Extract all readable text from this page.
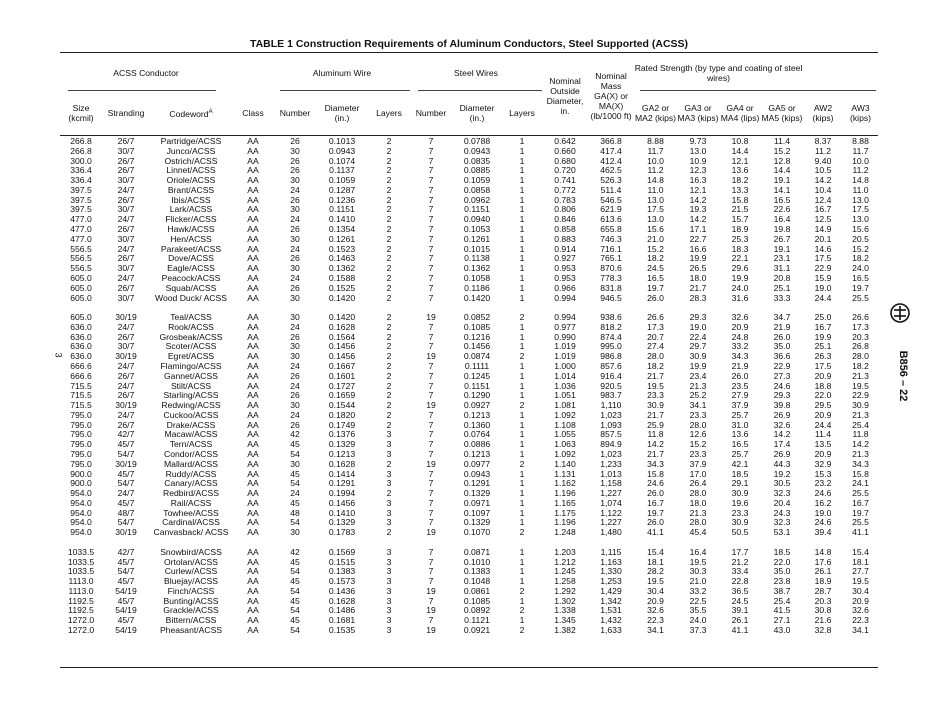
TABLE 1 Construction Requirements of Aluminum Conductors, Steel Supported (ACSS)
ACSS Conductor				Aluminum Wire			Steel Wires			Nominal Outside Diameter, in.	Nominal Mass GA(X) or MA(X) (lb/1000 ft)	Rated Strength (by type and coating of steel wires)					
Size (kcmil)	Stranding	Codeword$^A$	Class	Number	Diameter (in.)	Layers	Number	Diameter (in.)	Layers			GA2 or MA2 (kips)	GA3 or MA3 (kips)	GA4 or MA4 (lips)	GA5 or MA5 (kips)	AW2 (kips)	AW3 (kips)
266.8	26/7	Partridge/ACSS	AA	26	0.1013	2	7	0.0788	1	0.642	366.8	8.88	9.73	10.8	11.4	8.37	8.88
266.8	30/7	Junco/ACSS	AA	30	0.0943	2	7	0.0943	1	0.660	417.4	11.7	13.0	14.4	15.2	11.2	11.7
300.0	26/7	Ostrich/ACSS	AA	26	0.1074	2	7	0.0835	1	0.680	412.4	10.0	10.9	12.1	12.8	9.40	10.0
336.4	26/7	Linnet/ACSS	AA	26	0.1137	2	7	0.0885	1	0.720	462.5	11.2	12.3	13.6	14.4	10.5	11.2
336.4	30/7	Oriole/ACSS	AA	30	0.1059	2	7	0.1059	1	0.741	526.3	14.8	16.3	18.2	19.1	14.2	14.8
397.5	24/7	Brant/ACSS	AA	24	0.1287	2	7	0.0858	1	0.772	511.4	11.0	12.1	13.3	14.1	10.4	11.0
397.5	26/7	Ibis/ACSS	AA	26	0.1236	2	7	0.0962	1	0.783	546.5	13.0	14.2	15.8	16.5	12.4	13.0
397.5	30/7	Lark/ACSS	AA	30	0.1151	2	7	0.1151	1	0.806	621.9	17.5	19.3	21.5	22.6	16.7	17.5
477.0	24/7	Flicker/ACSS	AA	24	0.1410	2	7	0.0940	1	0.846	613.6	13.0	14.2	15.7	16.4	12.5	13.0
477.0	26/7	Hawk/ACSS	AA	26	0.1354	2	7	0.1053	1	0.858	655.8	15.6	17.1	18.9	19.8	14.9	15.6
477.0	30/7	Hen/ACSS	AA	30	0.1261	2	7	0.1261	1	0.883	746.3	21.0	22.7	25.3	26.7	20.1	20.5
556.5	24/7	Parakeet/ACSS	AA	24	0.1523	2	7	0.1015	1	0.914	716.1	15.2	16.6	18.3	19.1	14.6	15.2
556.5	26/7	Dove/ACSS	AA	26	0.1463	2	7	0.1138	1	0.927	765.1	18.2	19.9	22.1	23.1	17.5	18.2
556.5	30/7	Eagle/ACSS	AA	30	0.1362	2	7	0.1362	1	0.953	870.6	24.5	26.5	29.6	31.1	22.9	24.0
605.0	24/7	Peacock/ACSS	AA	24	0.1588	2	7	0.1058	1	0.953	778.3	16.5	18.0	19.9	20.8	15.9	16.5
605.0	26/7	Squab/ACSS	AA	26	0.1525	2	7	0.1186	1	0.966	831.8	19.7	21.7	24.0	25.1	19.0	19.7
605.0	30/7	Wood Duck/ ACSS	AA	30	0.1420	2	7	0.1420	1	0.994	946.5	26.0	28.3	31.6	33.3	24.4	25.5
605.0	30/19	Teal/ACSS	AA	30	0.1420	2	19	0.0852	2	0.994	938.6	26.6	29.3	32.6	34.7	25.0	26.6
636.0	24/7	Rook/ACSS	AA	24	0.1628	2	7	0.1085	1	0.977	818.2	17.3	19.0	20.9	21.9	16.7	17.3
636.0	26/7	Grosbeak/ACSS	AA	26	0.1564	2	7	0.1216	1	0.990	874.4	20.7	22.4	24.8	26.0	19.9	20.3
636.0	30/7	Scoter/ACSS	AA	30	0.1456	2	7	0.1456	1	1.019	995.0	27.4	29.7	33.2	35.0	25.1	26.8
636.0	30/19	Egret/ACSS	AA	30	0.1456	2	19	0.0874	2	1.019	986.8	28.0	30.9	34.3	36.6	26.3	28.0
666.6	24/7	Flamingo/ACSS	AA	24	0.1667	2	7	0.1111	1	1.000	857.6	18.2	19.9	21.9	22.9	17.5	18.2
666.6	26/7	Gannet/ACSS	AA	26	0.1601	2	7	0.1245	1	1.014	916.4	21.7	23.4	26.0	27.3	20.9	21.3
715.5	24/7	Stilt/ACSS	AA	24	0.1727	2	7	0.1151	1	1.036	920.5	19.5	21.3	23.5	24.6	18.8	19.5
715.5	26/7	Starling/ACSS	AA	26	0.1659	2	7	0.1290	1	1.051	983.7	23.3	25.2	27.9	29.3	22.0	22.9
715.5	30/19	Redwing/ACSS	AA	30	0.1544	2	19	0.0927	2	1.081	1,110	30.9	34.1	37.9	39.8	29.5	30.9
795.0	24/7	Cuckoo/ACSS	AA	24	0.1820	2	7	0.1213	1	1.092	1,023	21.7	23.3	25.7	26.9	20.9	21.3
795.0	26/7	Drake/ACSS	AA	26	0.1749	2	7	0.1360	1	1.108	1,093	25.9	28.0	31.0	32.6	24.4	25.4
795.0	42/7	Macaw/ACSS	AA	42	0.1376	3	7	0.0764	1	1.055	857.5	11.8	12.6	13.6	14.2	11.4	11.8
795.0	45/7	Tern/ACSS	AA	45	0.1329	3	7	0.0886	1	1.063	894.9	14.2	15.2	16.5	17.4	13.5	14.2
795.0	54/7	Condor/ACSS	AA	54	0.1213	3	7	0.1213	1	1.092	1,023	21.7	23.3	25.7	26.9	20.9	21.3
795.0	30/19	Mallard/ACSS	AA	30	0.1628	2	19	0.0977	2	1.140	1,233	34.3	37.9	42.1	44.3	32.9	34.3
900.0	45/7	Ruddy/ACSS	AA	45	0.1414	3	7	0.0943	1	1.131	1,013	15.8	17.0	18.5	19.2	15.3	15.8
900.0	54/7	Canary/ACSS	AA	54	0.1291	3	7	0.1291	1	1.162	1,158	24.6	26.4	29.1	30.5	23.2	24.1
954.0	24/7	Redbird/ACSS	AA	24	0.1994	2	7	0.1329	1	1.196	1,227	26.0	28.0	30.9	32.3	24.6	25.5
954.0	45/7	Rail/ACSS	AA	45	0.1456	3	7	0.0971	1	1.165	1,074	16.7	18.0	19.6	20.4	16.2	16.7
954.0	48/7	Towhee/ACSS	AA	48	0.1410	3	7	0.1097	1	1.175	1,122	19.7	21.3	23.3	24.3	19.0	19.7
954.0	54/7	Cardinal/ACSS	AA	54	0.1329	3	7	0.1329	1	1.196	1,227	26.0	28.0	30.9	32.3	24.6	25.5
954.0	30/19	Canvasback/ ACSS	AA	30	0.1783	2	19	0.1070	2	1.248	1,480	41.1	45.4	50.5	53.1	39.4	41.1
1033.5	42/7	Snowbird/ACSS	AA	42	0.1569	3	7	0.0871	1	1.203	1,115	15.4	16.4	17.7	18.5	14.8	15.4
1033.5	45/7	Ortolan/ACSS	AA	45	0.1515	3	7	0.1010	1	1.212	1,163	18.1	19.5	21.2	22.0	17.6	18.1
1033.5	54/7	Curlew/ACSS	AA	54	0.1383	3	7	0.1383	1	1.245	1,330	28.2	30.3	33.4	35.0	26.1	27.7
1113.0	45/7	Bluejay/ACSS	AA	45	0.1573	3	7	0.1048	1	1.258	1,253	19.5	21.0	22.8	23.8	18.9	19.5
1113.0	54/19	Finch/ACSS	AA	54	0.1436	3	19	0.0861	2	1.292	1,429	30.4	33.2	36.5	38.7	28.7	30.4
1192.5	45/7	Bunting/ACSS	AA	45	0.1628	3	7	0.1085	1	1.302	1,342	20.9	22.5	24.5	25.4	20.3	20.9
1192.5	54/19	Grackle/ACSS	AA	54	0.1486	3	19	0.0892	2	1.338	1,531	32.6	35.5	39.1	41.5	30.8	32.6
1272.0	45/7	Bittern/ACSS	AA	45	0.1681	3	7	0.1121	1	1.345	1,432	22.3	24.0	26.1	27.1	21.6	22.3
1272.0	54/19	Pheasant/ACSS	AA	54	0.1535	3	19	0.0921	2	1.382	1,633	34.1	37.3	41.1	43.0	32.8	34.1
3	B856 – 22
